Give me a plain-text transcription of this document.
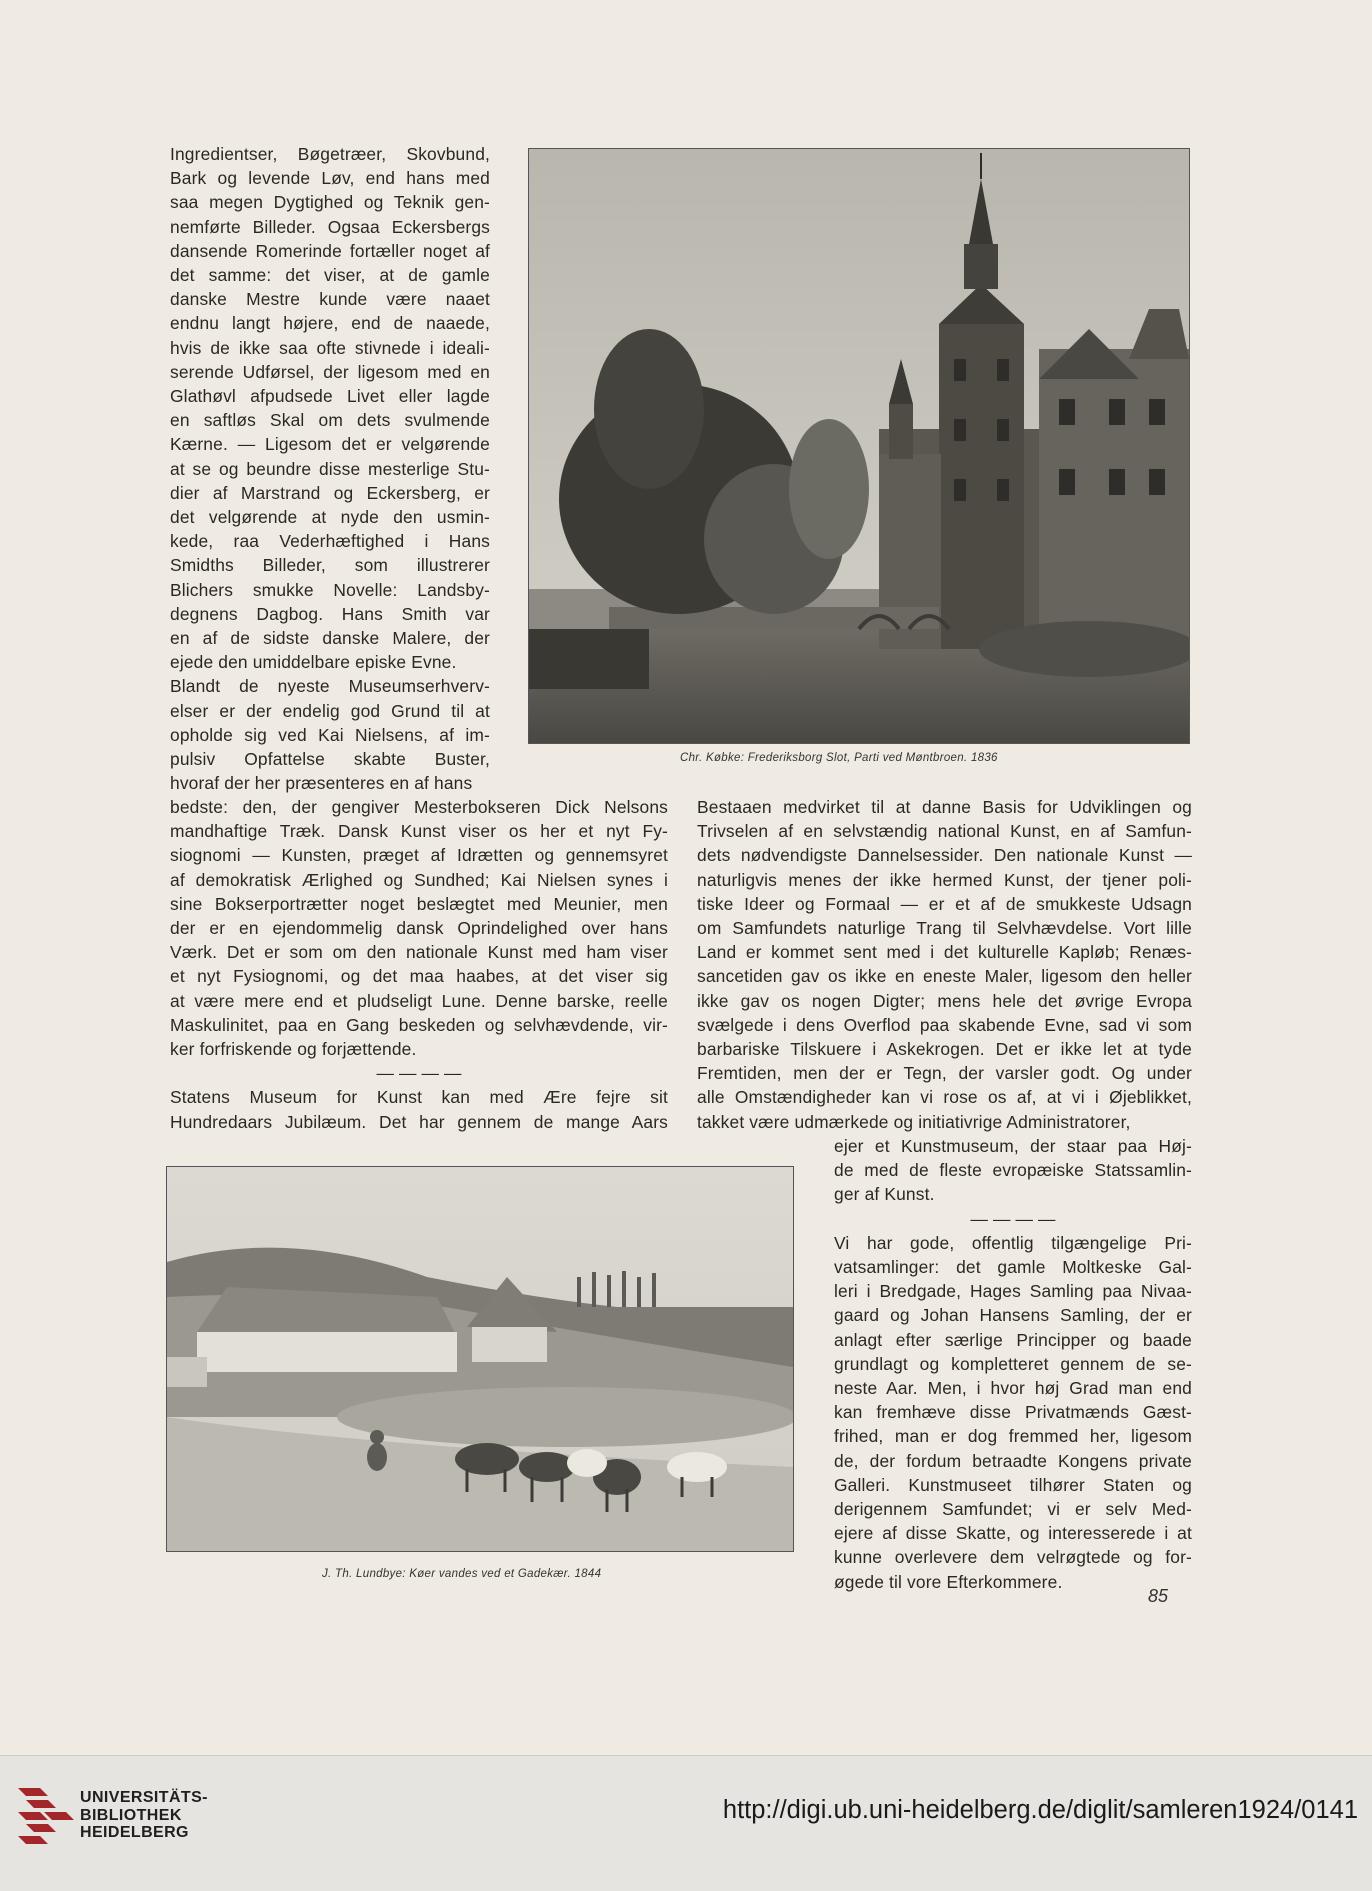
Ingredientser, Bøgetræer, Skovbund,
Bark og levende Løv, end hans med
saa megen Dygtighed og Teknik gen-
nemførte Billeder. Ogsaa Eckersbergs
dansende Romerinde fortæller noget af
det samme: det viser, at de gamle
danske Mestre kunde være naaet
endnu langt højere, end de naaede,
hvis de ikke saa ofte stivnede i ideali-
serende Udførsel, der ligesom med en
Glathøvl afpudsede Livet eller lagde
en saftløs Skal om dets svulmende
Kærne. — Ligesom det er velgørende
at se og beundre disse mesterlige Stu-
dier af Marstrand og Eckersberg, er
det velgørende at nyde den usmin-
kede, raa Vederhæftighed i Hans
Smidths Billeder, som illustrerer
Blichers smukke Novelle: Landsby-
degnens Dagbog. Hans Smith var
en af de sidste danske Malere, der
ejede den umiddelbare episke Evne.
Blandt de nyeste Museumserhverv-
elser er der endelig god Grund til at
opholde sig ved Kai Nielsens, af im-
pulsiv Opfattelse skabte Buster,
hvoraf der her præsenteres en af hans
Chr. Købke: Frederiksborg Slot, Parti ved Møntbroen. 1836
bedste: den, der gengiver Mesterbokseren Dick Nelsons
mandhaftige Træk. Dansk Kunst viser os her et nyt Fy-
siognomi — Kunsten, præget af Idrætten og gennemsyret
af demokratisk Ærlighed og Sundhed; Kai Nielsen synes i
sine Bokserportrætter noget beslægtet med Meunier, men
der er en ejendommelig dansk Oprindelighed over hans
Værk. Det er som om den nationale Kunst med ham viser
et nyt Fysiognomi, og det maa haabes, at det viser sig
at være mere end et pludseligt Lune. Denne barske, reelle
Maskulinitet, paa en Gang beskeden og selvhævdende, vir-
ker forfriskende og forjættende.
— — — —
Statens Museum for Kunst kan med Ære fejre sit
Hundredaars Jubilæum. Det har gennem de mange Aars
Bestaaen medvirket til at danne Basis for Udviklingen og
Trivselen af en selvstændig national Kunst, en af Samfun-
dets nødvendigste Dannelsessider. Den nationale Kunst —
naturligvis menes der ikke hermed Kunst, der tjener poli-
tiske Ideer og Formaal — er et af de smukkeste Udsagn
om Samfundets naturlige Trang til Selvhævdelse. Vort lille
Land er kommet sent med i det kulturelle Kapløb; Renæs-
sancetiden gav os ikke en eneste Maler, ligesom den heller
ikke gav os nogen Digter; mens hele det øvrige Evropa
svælgede i dens Overflod paa skabende Evne, sad vi som
barbariske Tilskuere i Askekrogen. Det er ikke let at tyde
Fremtiden, men der er Tegn, der varsler godt. Og under
alle Omstændigheder kan vi rose os af, at vi i Øjeblikket,
takket være udmærkede og initiativrige Administratorer,
ejer et Kunstmuseum, der staar paa Høj-
de med de fleste evropæiske Statssamlin-
ger af Kunst.
— — — —
Vi har gode, offentlig tilgængelige Pri-
vatsamlinger: det gamle Moltkeske Gal-
leri i Bredgade, Hages Samling paa Nivaa-
gaard og Johan Hansens Samling, der er
anlagt efter særlige Principper og baade
grundlagt og kompletteret gennem de se-
neste Aar. Men, i hvor høj Grad man end
kan fremhæve disse Privatmænds Gæst-
frihed, man er dog fremmed her, ligesom
de, der fordum betraadte Kongens private
Galleri. Kunstmuseet tilhører Staten og
derigennem Samfundet; vi er selv Med-
ejere af disse Skatte, og interesserede i at
kunne overlevere dem velrøgtede og for-
øgede til vore Efterkommere.
J. Th. Lundbye: Køer vandes ved et Gadekær. 1844
85
UNIVERSITÄTS-
BIBLIOTHEK
HEIDELBERG
http://digi.ub.uni-heidelberg.de/diglit/samleren1924/0141
